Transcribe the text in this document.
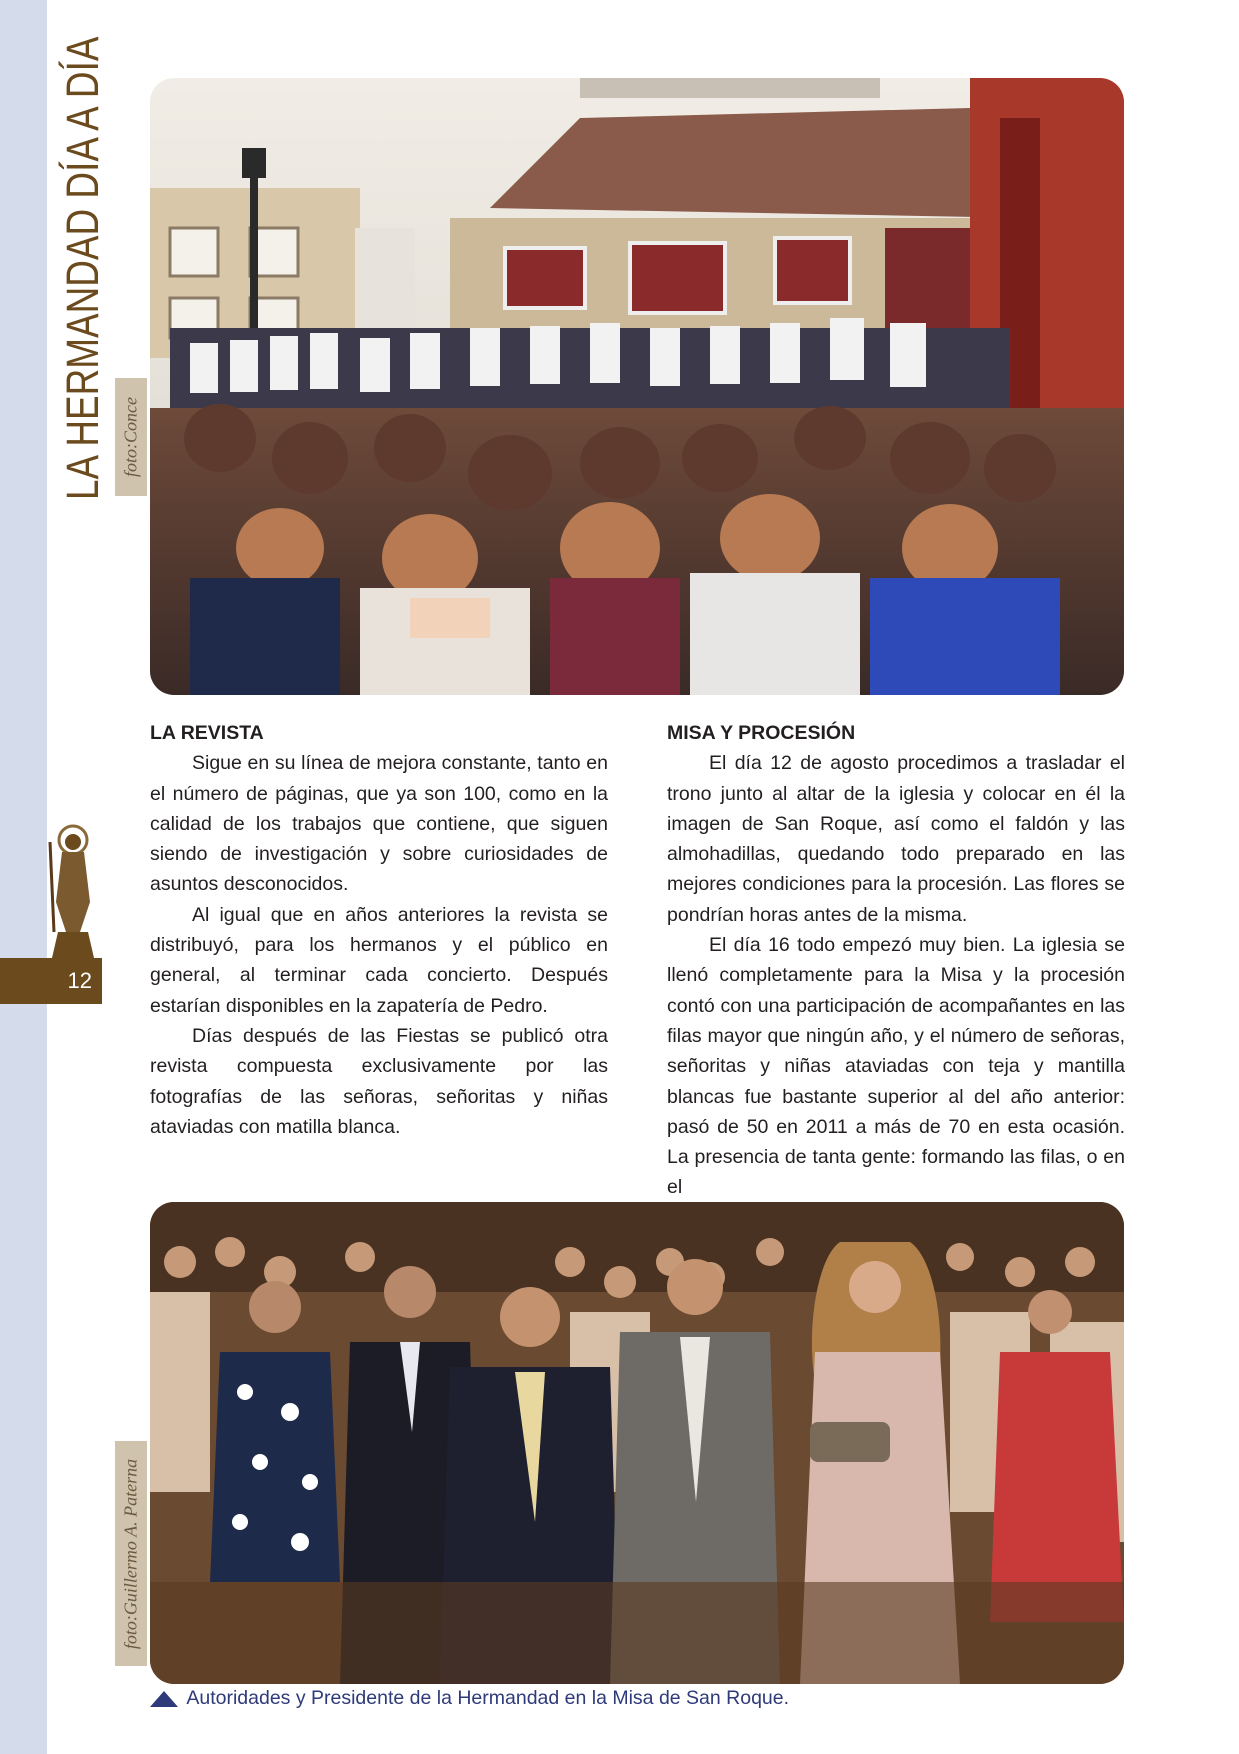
LA HERMANDAD DÍA A DÍA foto:Conce
12
LA REVISTA

Sigue en su línea de mejora constante, tanto en el número de páginas, que ya son 100, como en la calidad de los trabajos que contiene, que siguen siendo de investigación y sobre curiosidades de asuntos desconocidos.

Al igual que en años anteriores la revista se distribuyó, para los hermanos y el público en general, al terminar cada concierto. Después estarían disponibles en la zapatería de Pedro.

Días después de las Fiestas se publicó otra revista compuesta exclusivamente por las fotografías de las señoras, señoritas y niñas ataviadas con matilla blanca.

MISA Y PROCESIÓN

El día 12 de agosto procedimos a trasladar el trono junto al altar de la iglesia y colocar en él la imagen de San Roque, así como el faldón y las almohadillas, quedando todo preparado en las mejores condiciones para la procesión. Las flores se pondrían horas antes de la misma.

El día 16 todo empezó muy bien. La iglesia se llenó completamente para la Misa y la procesión contó con una participación de acompañantes en las filas mayor que ningún año, y el número de señoras, señoritas y niñas ataviadas con teja y mantilla blancas fue bastante superior al del año anterior: pasó de 50 en 2011 a más de 70 en esta ocasión. La presencia de tanta gente: formando las filas, o en el

foto:Guillermo A. Paterna
Autoridades y Presidente de la Hermandad en la Misa de San Roque.
